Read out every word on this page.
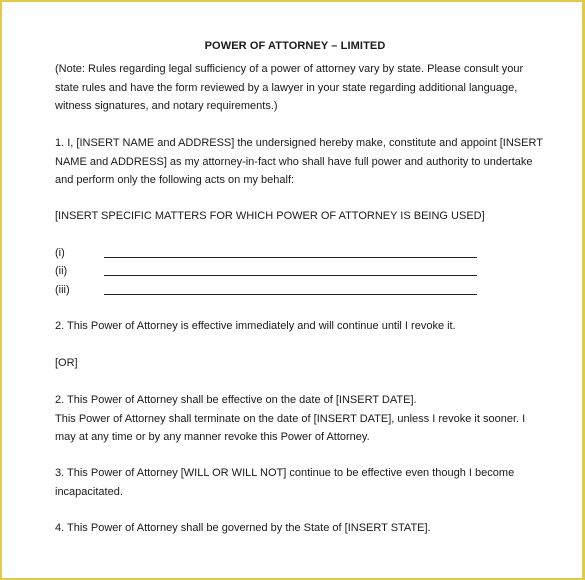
POWER OF ATTORNEY – LIMITED
(Note: Rules regarding legal sufficiency of a power of attorney vary by state. Please consult your
state rules and have the form reviewed by a lawyer in your state regarding additional language,
witness signatures, and notary requirements.)
1. I, [INSERT NAME and ADDRESS] the undersigned hereby make, constitute and appoint [INSERT
NAME and ADDRESS] as my attorney-in-fact who shall have full power and authority to undertake
and perform only the following acts on my behalf:
[INSERT SPECIFIC MATTERS FOR WHICH POWER OF ATTORNEY IS BEING USED]
(i)
(ii)
(iii)
2. This Power of Attorney is effective immediately and will continue until I revoke it.
[OR]
2. This Power of Attorney shall be effective on the date of [INSERT DATE].
This Power of Attorney shall terminate on the date of [INSERT DATE], unless I revoke it sooner. I
may at any time or by any manner revoke this Power of Attorney.
3. This Power of Attorney [WILL OR WILL NOT] continue to be effective even though I become
incapacitated.
4. This Power of Attorney shall be governed by the State of [INSERT STATE].
